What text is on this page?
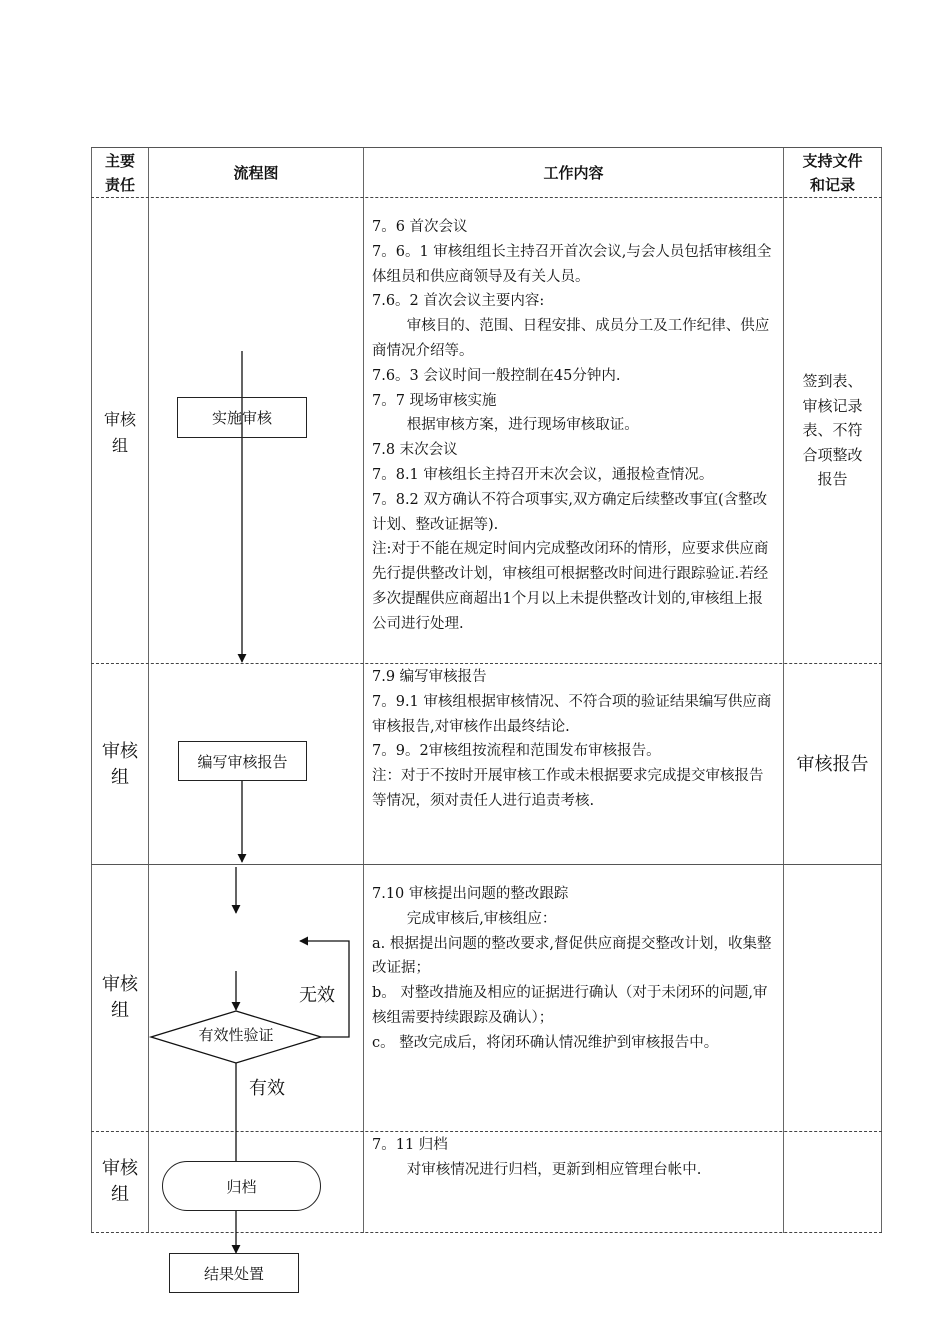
主要
责任
流程图	工作内容
支持文件
和记录
审核
组
审核
组
审核
组
审核
组

7。6 首次会议

7。6。1 审核组组长主持召开首次会议,与会人员包括审核组全体组员和供应商领导及有关人员。

7.6。2 首次会议主要内容:

审核目的、范围、日程安排、成员分工及工作纪律、供应商情况介绍等。

7.6。3 会议时间一般控制在45分钟内.

7。7 现场审核实施

根据审核方案，进行现场审核取证。

7.8 末次会议

7。8.1 审核组长主持召开末次会议，通报检查情况。

7。8.2 双方确认不符合项事实,双方确定后续整改事宜(含整改计划、整改证据等).

注:对于不能在规定时间内完成整改闭环的情形，应要求供应商先行提供整改计划，审核组可根据整改时间进行跟踪验证.若经多次提醒供应商超出1个月以上未提供整改计划的,审核组上报公司进行处理.

7.9 编写审核报告

7。9.1 审核组根据审核情况、不符合项的验证结果编写供应商审核报告,对审核作出最终结论.

7。9。2审核组按流程和范围发布审核报告。

注：对于不按时开展审核工作或未根据要求完成提交审核报告等情况，须对责任人进行追责考核.

7.10 审核提出问题的整改跟踪

完成审核后,审核组应：

a. 根据提出问题的整改要求,督促供应商提交整改计划，收集整改证据；

b。 对整改措施及相应的证据进行确认（对于未闭环的问题,审核组需要持续跟踪及确认）；

c。 整改完成后，将闭环确认情况维护到审核报告中。

7。11 归档

对审核情况进行归档，更新到相应管理台帐中.

签到表、
审核记录
表、不符
合项整改
报告
审核报告
实施审核
编写审核报告
有效性验证
无效
有效
归档
结果处置
